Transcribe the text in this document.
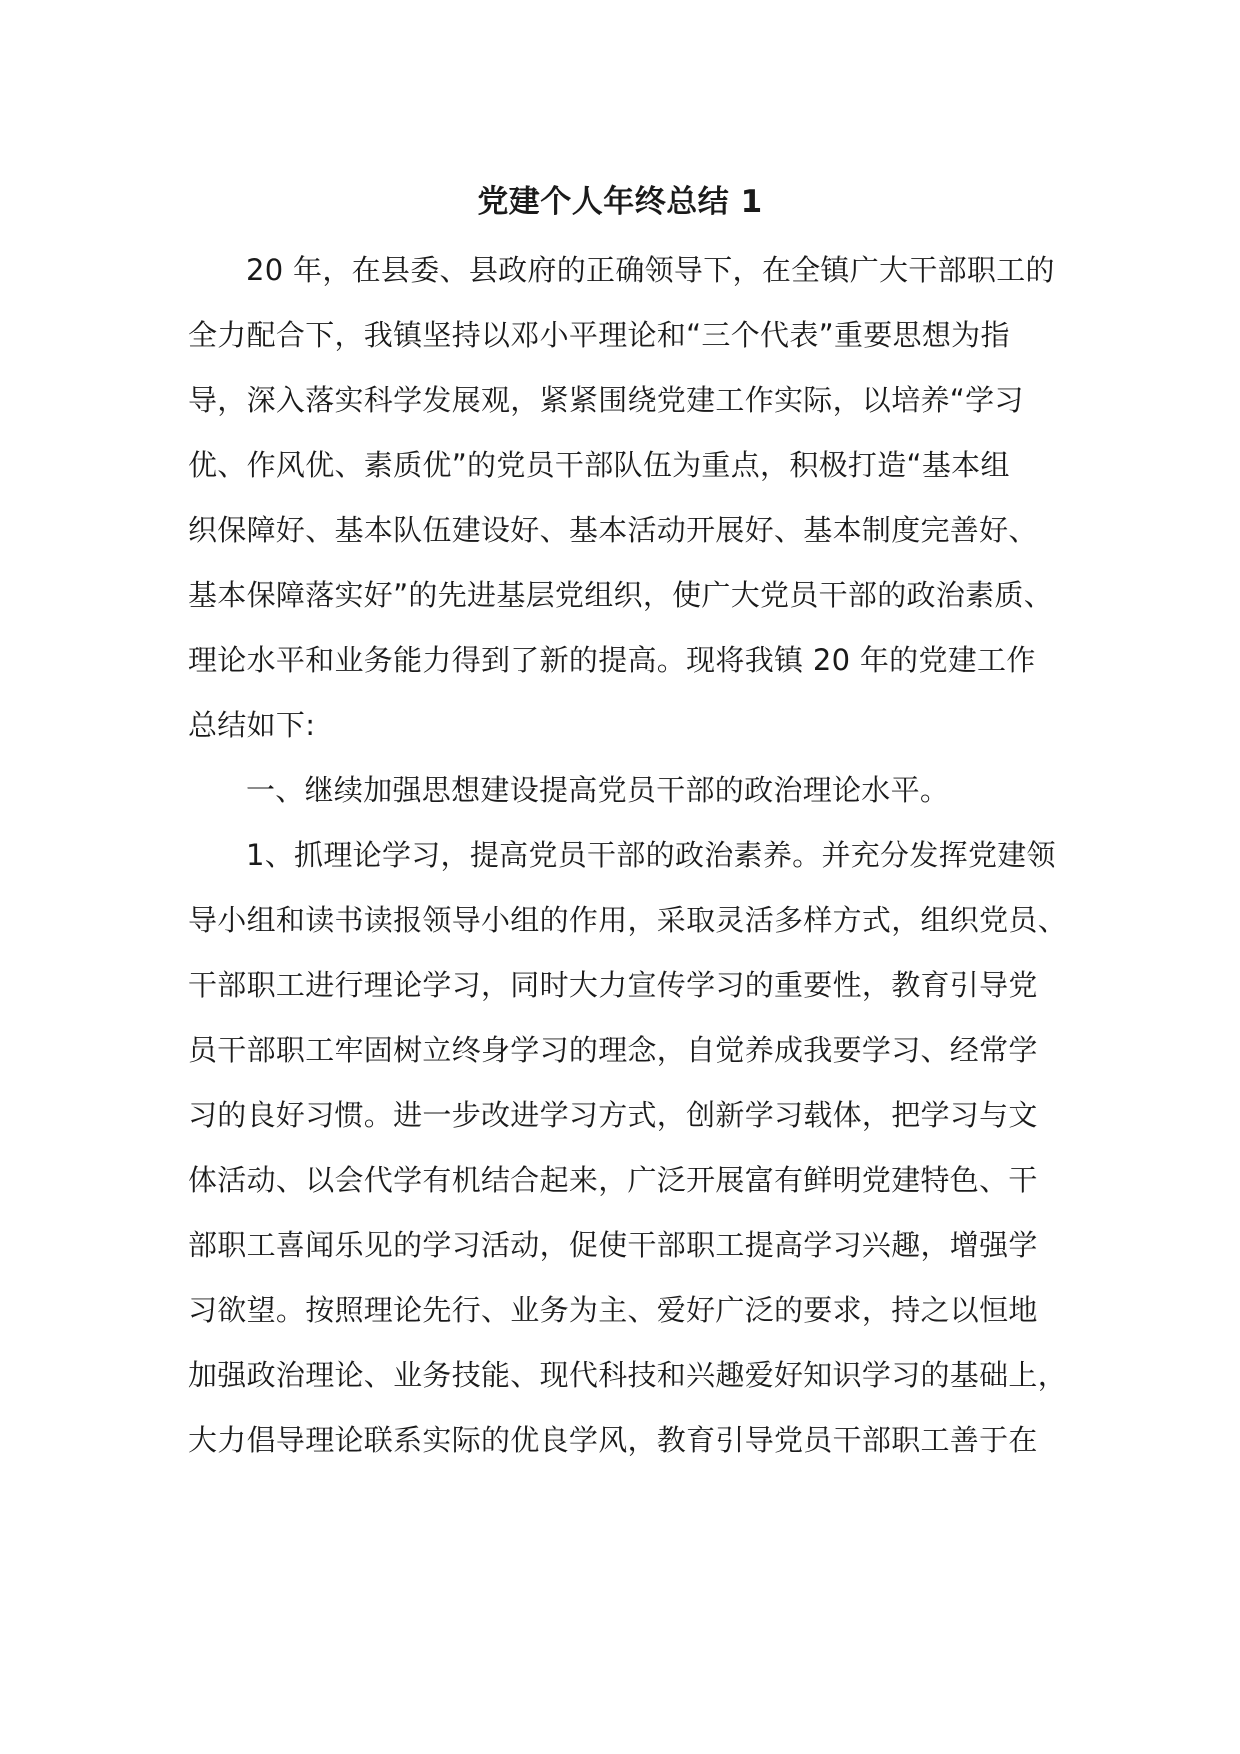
党建个人年终总结 1

20 年，在县委、县政府的正确领导下，在全镇广大干部职工的
全力配合下，我镇坚持以邓小平理论和“三个代表”重要思想为指
导，深入落实科学发展观，紧紧围绕党建工作实际，以培养“学习
优、作风优、素质优”的党员干部队伍为重点，积极打造“基本组
织保障好、基本队伍建设好、基本活动开展好、基本制度完善好、
基本保障落实好”的先进基层党组织，使广大党员干部的政治素质、
理论水平和业务能力得到了新的提高。现将我镇 20 年的党建工作
总结如下:

一、继续加强思想建设提高党员干部的政治理论水平。

1、抓理论学习，提高党员干部的政治素养。并充分发挥党建领
导小组和读书读报领导小组的作用，采取灵活多样方式，组织党员、
干部职工进行理论学习，同时大力宣传学习的重要性，教育引导党
员干部职工牢固树立终身学习的理念，自觉养成我要学习、经常学
习的良好习惯。进一步改进学习方式，创新学习载体，把学习与文
体活动、以会代学有机结合起来，广泛开展富有鲜明党建特色、干
部职工喜闻乐见的学习活动，促使干部职工提高学习兴趣，增强学
习欲望。按照理论先行、业务为主、爱好广泛的要求，持之以恒地
加强政治理论、业务技能、现代科技和兴趣爱好知识学习的基础上，
大力倡导理论联系实际的优良学风，教育引导党员干部职工善于在
